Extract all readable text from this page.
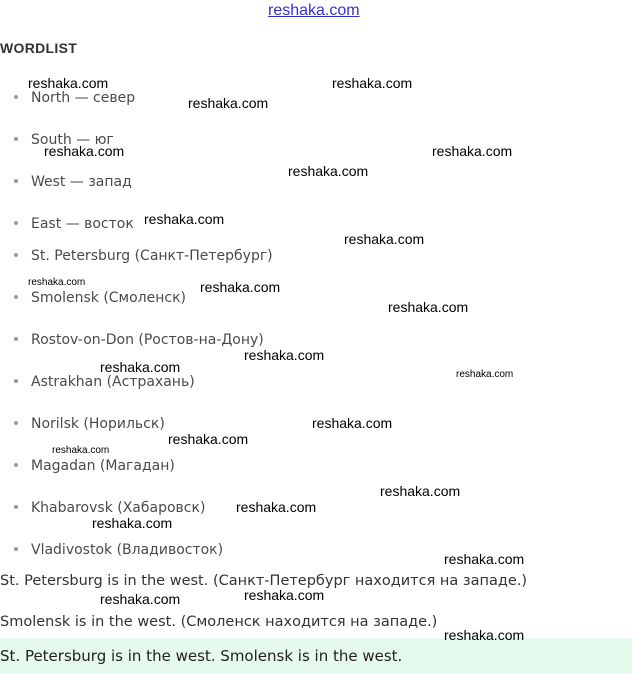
reshaka.com
WORDLIST
North — север
South — юг
West — запад
East — восток
St. Petersburg (Санкт-Петербург)
Smolensk (Смоленск)
Rostov-on-Don (Ростов-на-Дону)
Astrakhan (Астрахань)
Norilsk (Норильск)
Magadan (Магадан)
Khabarovsk (Хабаровск)
Vladivostok (Владивосток)

St. Petersburg is in the west. (Санкт-Петербург находится на западе.)

Smolensk is in the west. (Смоленск находится на западе.)

St. Petersburg is in the west. Smolensk is in the west.
reshaka.com	reshaka.com
reshaka.com
reshaka.com	reshaka.com
reshaka.com
reshaka.com
reshaka.com
reshaka.com	reshaka.com
reshaka.com
reshaka.com
reshaka.com	reshaka.com
reshaka.com
reshaka.com
reshaka.com
reshaka.com
reshaka.com
reshaka.com
reshaka.com
reshaka.com
reshaka.com
reshaka.com
